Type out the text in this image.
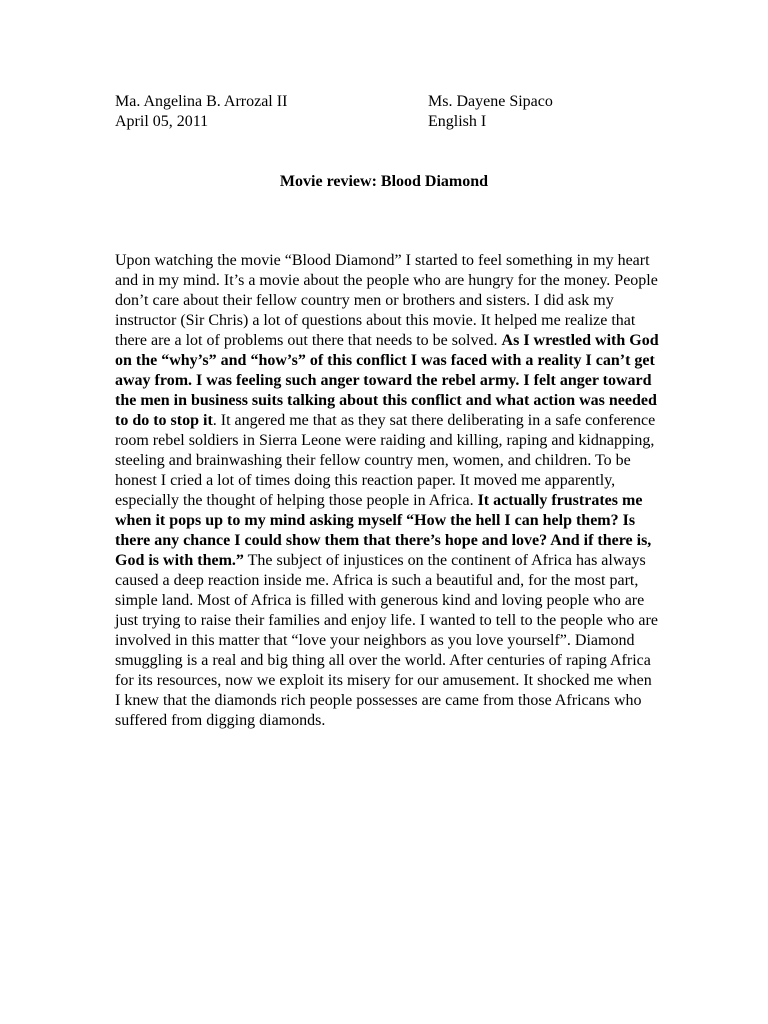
Ma. Angelina B. Arrozal II	Ms. Dayene Sipaco
April 05, 2011	English I
Movie review: Blood Diamond
Upon watching the movie “Blood Diamond” I started to feel something in my heart and in my mind. It’s a movie about the people who are hungry for the money. People don’t care about their fellow country men or brothers and sisters. I did ask my instructor (Sir Chris) a lot of questions about this movie. It helped me realize that there are a lot of problems out there that needs to be solved. As I wrestled with God on the “why’s” and “how’s” of this conflict I was faced with a reality I can’t get away from. I was feeling such anger toward the rebel army. I felt anger toward the men in business suits talking about this conflict and what action was needed to do to stop it. It angered me that as they sat there deliberating in a safe conference room rebel soldiers in Sierra Leone were raiding and killing, raping and kidnapping, steeling and brainwashing their fellow country men, women, and children. To be honest I cried a lot of times doing this reaction paper. It moved me apparently, especially the thought of helping those people in Africa. It actually frustrates me when it pops up to my mind asking myself “How the hell I can help them? Is there any chance I could show them that there’s hope and love? And if there is, God is with them.” The subject of injustices on the continent of Africa has always caused a deep reaction inside me. Africa is such a beautiful and, for the most part, simple land. Most of Africa is filled with generous kind and loving people who are just trying to raise their families and enjoy life. I wanted to tell to the people who are involved in this matter that “love your neighbors as you love yourself”. Diamond smuggling is a real and big thing all over the world. After centuries of raping Africa for its resources, now we exploit its misery for our amusement. It shocked me when I knew that the diamonds rich people possesses are came from those Africans who suffered from digging diamonds.
